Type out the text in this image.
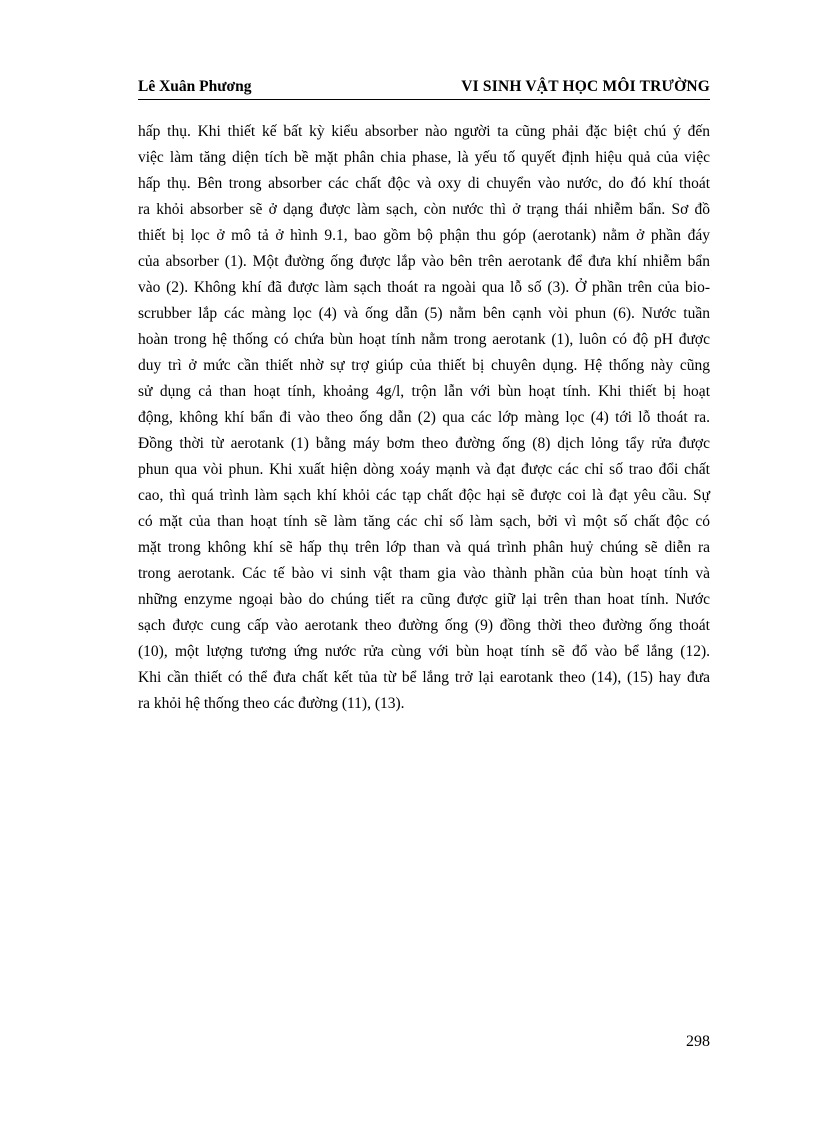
Lê Xuân Phương	VI SINH VẬT HỌC MÔI TRƯỜNG
hấp thụ. Khi thiết kế bất kỳ kiểu absorber nào người ta cũng phải đặc biệt chú ý đến
việc làm tăng diện tích bề mặt phân chia phase, là yếu tố quyết định hiệu quả của việc
hấp thụ. Bên trong absorber các chất độc và oxy di chuyển vào nước, do đó khí thoát
ra khỏi absorber sẽ ở dạng được làm sạch, còn nước thì ở trạng thái nhiễm bẩn. Sơ đồ
thiết bị lọc ở mô tả ở hình 9.1, bao gồm bộ phận thu góp (aerotank) nằm ở phần đáy
của absorber (1). Một đường ống được lắp vào bên trên aerotank để đưa khí nhiễm bẩn
vào (2). Không khí đã được làm sạch thoát ra ngoài qua lỗ số (3). Ở phần trên của bio-
scrubber lắp các màng lọc (4) và ống dẫn (5) nằm bên cạnh vòi phun (6). Nước tuần
hoàn trong hệ thống có chứa bùn hoạt tính nằm trong aerotank (1), luôn có độ pH được
duy trì ở mức cần thiết nhờ sự trợ giúp của thiết bị chuyên dụng. Hệ thống này cũng
sử dụng cả than hoạt tính, khoảng 4g/l, trộn lẫn với bùn hoạt tính. Khi thiết bị hoạt
động, không khí bẩn đi vào theo ống dẫn (2) qua các lớp màng lọc (4) tới lỗ thoát ra.
Đồng thời từ aerotank (1) bằng máy bơm theo đường ống (8) dịch lỏng tẩy rửa được
phun qua vòi phun. Khi xuất hiện dòng xoáy mạnh và đạt được các chỉ số trao đổi chất
cao, thì quá trình làm sạch khí khỏi các tạp chất độc hại sẽ được coi là đạt yêu cầu. Sự
có mặt của than hoạt tính sẽ làm tăng các chỉ số làm sạch, bởi vì một số chất độc có
mặt trong không khí sẽ hấp thụ trên lớp than và quá trình phân huỷ chúng sẽ diễn ra
trong aerotank. Các tế bào vi sinh vật tham gia vào thành phần của bùn hoạt tính và
những enzyme ngoại bào do chúng tiết ra cũng được giữ lại trên than hoat tính. Nước
sạch được cung cấp vào aerotank theo đường ống (9) đồng thời theo đường ống thoát
(10), một lượng tương ứng nước rửa cùng với bùn hoạt tính sẽ đổ vào bể lắng (12).
Khi cần thiết có thể đưa chất kết tủa từ bể lắng trở lại earotank theo (14), (15) hay đưa
ra khỏi hệ thống theo các đường (11), (13).
298
